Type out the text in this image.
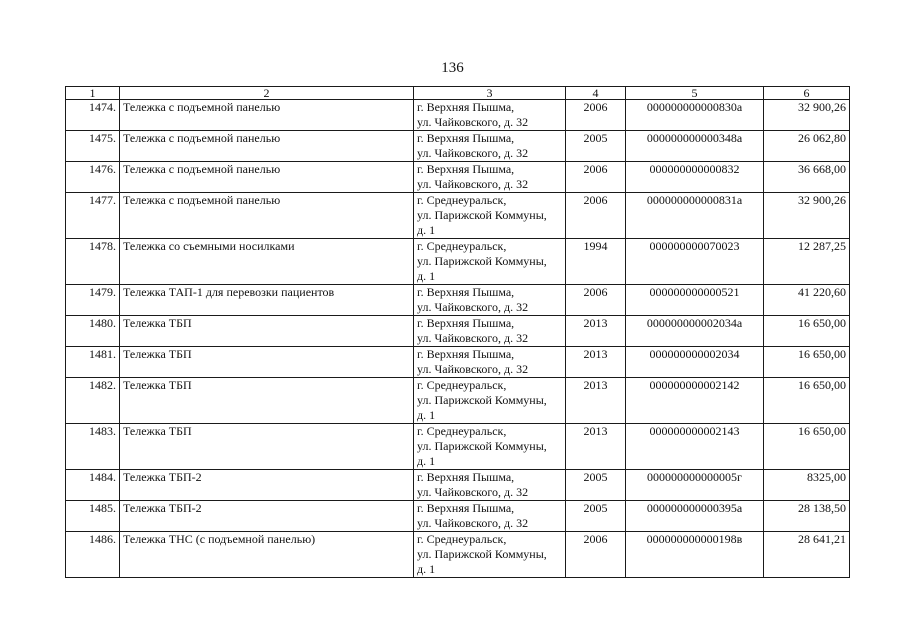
136
1	2	3	4	5	6
1474.	Тележка с подъемной панелью	г. Верхняя Пышма,
ул. Чайковского, д. 32	2006	000000000000830а	32 900,26
1475.	Тележка с подъемной панелью	г. Верхняя Пышма,
ул. Чайковского, д. 32	2005	000000000000348а	26 062,80
1476.	Тележка с подъемной панелью	г. Верхняя Пышма,
ул. Чайковского, д. 32	2006	000000000000832	36 668,00
1477.	Тележка с подъемной панелью	г. Среднеуральск,
ул. Парижской Коммуны,
д. 1	2006	000000000000831а	32 900,26
1478.	Тележка со съемными носилками	г. Среднеуральск,
ул. Парижской Коммуны,
д. 1	1994	000000000070023	12 287,25
1479.	Тележка ТАП-1 для перевозки пациентов	г. Верхняя Пышма,
ул. Чайковского, д. 32	2006	000000000000521	41 220,60
1480.	Тележка ТБП	г. Верхняя Пышма,
ул. Чайковского, д. 32	2013	000000000002034а	16 650,00
1481.	Тележка ТБП	г. Верхняя Пышма,
ул. Чайковского, д. 32	2013	000000000002034	16 650,00
1482.	Тележка ТБП	г. Среднеуральск,
ул. Парижской Коммуны,
д. 1	2013	000000000002142	16 650,00
1483.	Тележка ТБП	г. Среднеуральск,
ул. Парижской Коммуны,
д. 1	2013	000000000002143	16 650,00
1484.	Тележка ТБП-2	г. Верхняя Пышма,
ул. Чайковского, д. 32	2005	000000000000005г	8325,00
1485.	Тележка ТБП-2	г. Верхняя Пышма,
ул. Чайковского, д. 32	2005	000000000000395а	28 138,50
1486.	Тележка ТНС (с подъемной панелью)	г. Среднеуральск,
ул. Парижской Коммуны,
д. 1	2006	000000000000198в	28 641,21
